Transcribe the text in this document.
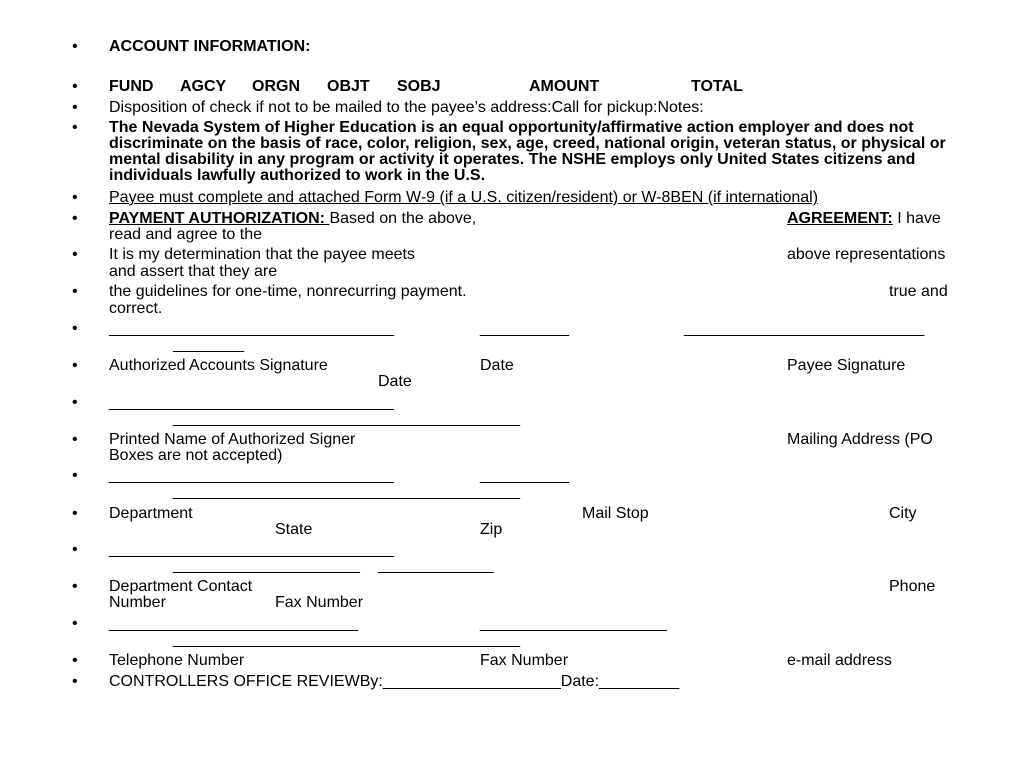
• ACCOUNT INFORMATION:
• FUND AGCY ORGN OBJT SOBJ	AMOUNT	TOTAL
• Disposition of check if not to be mailed to the payee’s address:Call for pickup:Notes:
• The Nevada System of Higher Education is an equal opportunity/affirmative action employer and does not discriminate on the basis of race, color, religion, sex, age, creed, national origin, veteran status, or physical or mental disability in any program or activity it operates. The NSHE employs only United States citizens and individuals lawfully authorized to work in the U.S.
• Payee must complete and attached Form W-9 (if a U.S. citizen/resident) or W-8BEN (if international)
• PAYMENT AUTHORIZATION: Based on the above,	AGREEMENT: I have
read and agree to the
• It is my determination that the payee meets	above representations
and assert that they are
• the guidelines for one-time, nonrecurring payment.	true and
correct.
• ________________________________	__________	___________________________
________
• Authorized Accounts Signature	Date	Payee Signature
Date
• ________________________________
_______________________________________
• Printed Name of Authorized Signer	Mailing Address (PO
Boxes are not accepted)
• ________________________________	__________
_______________________________________
• Department	Mail Stop	City
State	Zip
• ________________________________
_____________________ _____________
• Department Contact	Phone
Number	Fax Number
• ____________________________	_____________________
_______________________________________
• Telephone Number	Fax Number	e-mail address
• CONTROLLERS OFFICE REVIEWBy:____________________Date:_________
